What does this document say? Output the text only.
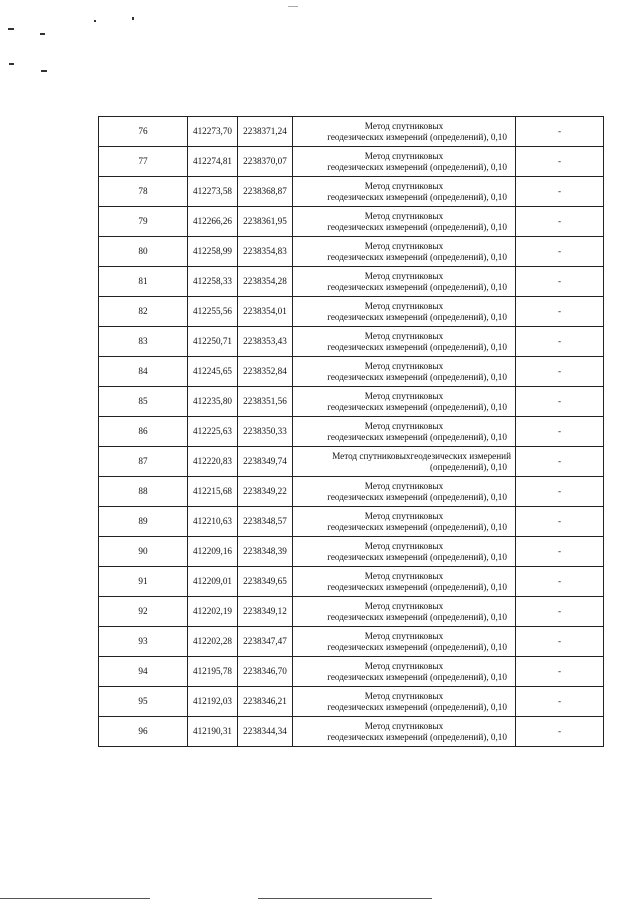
76	412273,70	2238371,24	Метод спутниковых
геодезических измерений (определений), 0,10	-
77	412274,81	2238370,07	Метод спутниковых
геодезических измерений (определений), 0,10	-
78	412273,58	2238368,87	Метод спутниковых
геодезических измерений (определений), 0,10	-
79	412266,26	2238361,95	Метод спутниковых
геодезических измерений (определений), 0,10	-
80	412258,99	2238354,83	Метод спутниковых
геодезических измерений (определений), 0,10	-
81	412258,33	2238354,28	Метод спутниковых
геодезических измерений (определений), 0,10	-
82	412255,56	2238354,01	Метод спутниковых
геодезических измерений (определений), 0,10	-
83	412250,71	2238353,43	Метод спутниковых
геодезических измерений (определений), 0,10	-
84	412245,65	2238352,84	Метод спутниковых
геодезических измерений (определений), 0,10	-
85	412235,80	2238351,56	Метод спутниковых
геодезических измерений (определений), 0,10	-
86	412225,63	2238350,33	Метод спутниковых
геодезических измерений (определений), 0,10	-
87	412220,83	2238349,74	Метод спутниковыхгеодезических измерений
(определений), 0,10	-
88	412215,68	2238349,22	Метод спутниковых
геодезических измерений (определений), 0,10	-
89	412210,63	2238348,57	Метод спутниковых
геодезических измерений (определений), 0,10	-
90	412209,16	2238348,39	Метод спутниковых
геодезических измерений (определений), 0,10	-
91	412209,01	2238349,65	Метод спутниковых
геодезических измерений (определений), 0,10	-
92	412202,19	2238349,12	Метод спутниковых
геодезических измерений (определений), 0,10	-
93	412202,28	2238347,47	Метод спутниковых
геодезических измерений (определений), 0,10	-
94	412195,78	2238346,70	Метод спутниковых
геодезических измерений (определений), 0,10	-
95	412192,03	2238346,21	Метод спутниковых
геодезических измерений (определений), 0,10	-
96	412190,31	2238344,34	Метод спутниковых
геодезических измерений (определений), 0,10	-
